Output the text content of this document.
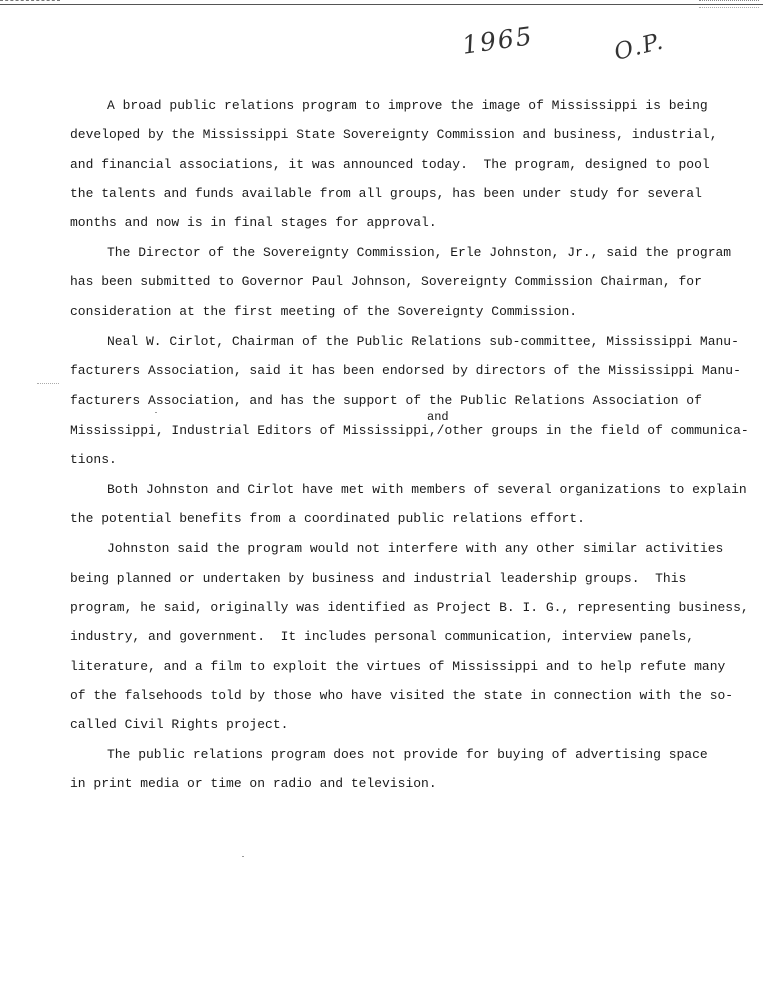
1965	O.P.
A broad public relations program to improve the image of Mississippi is being
developed by the Mississippi State Sovereignty Commission and business, industrial,
and financial associations, it was announced today.  The program, designed to pool
the talents and funds available from all groups, has been under study for several
months and now is in final stages for approval.
The Director of the Sovereignty Commission, Erle Johnston, Jr., said the program
has been submitted to Governor Paul Johnson, Sovereignty Commission Chairman, for
consideration at the first meeting of the Sovereignty Commission.
Neal W. Cirlot, Chairman of the Public Relations sub-committee, Mississippi Manu-
facturers Association, said it has been endorsed by directors of the Mississippi Manu-
facturers Association, and has the support of the Public Relations Association of
and
Mississippi, Industrial Editors of Mississippi,/other groups in the field of communica-
tions.
Both Johnston and Cirlot have met with members of several organizations to explain
the potential benefits from a coordinated public relations effort.
Johnston said the program would not interfere with any other similar activities
being planned or undertaken by business and industrial leadership groups.  This
program, he said, originally was identified as Project B. I. G., representing business,
industry, and government.  It includes personal communication, interview panels,
literature, and a film to exploit the virtues of Mississippi and to help refute many
of the falsehoods told by those who have visited the state in connection with the so-
called Civil Rights project.
The public relations program does not provide for buying of advertising space
in print media or time on radio and television.
